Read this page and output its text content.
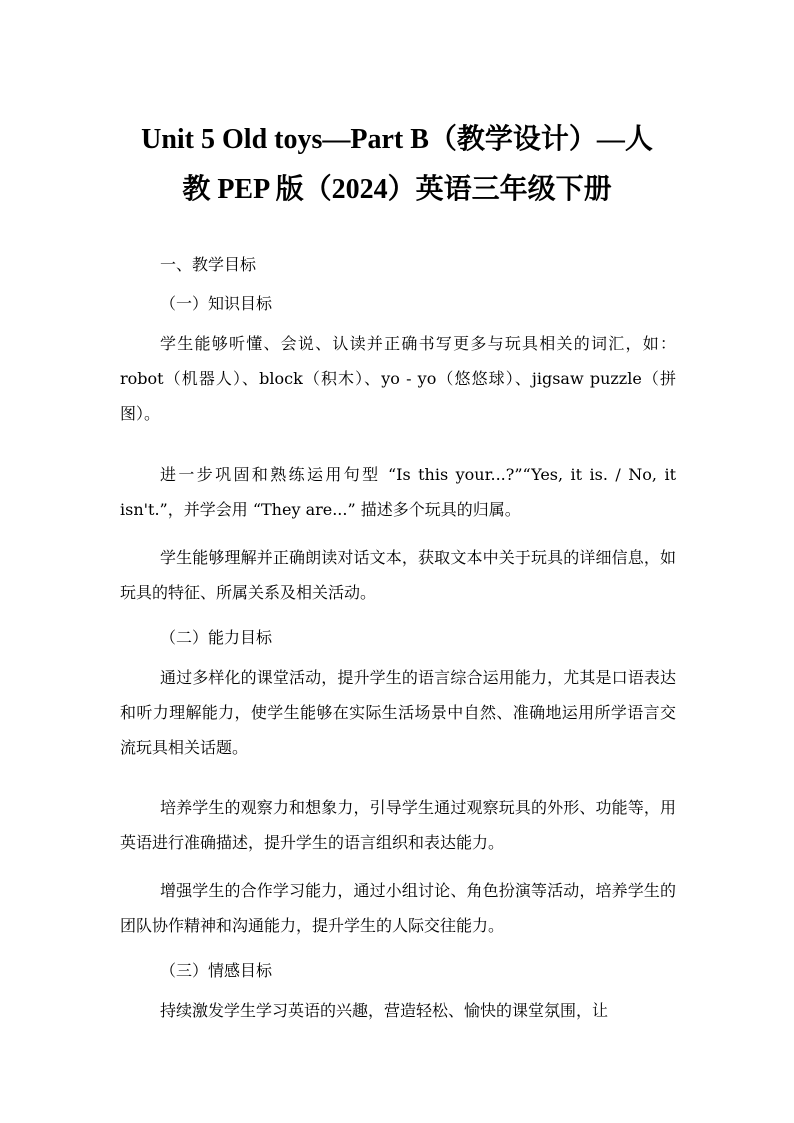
Unit 5 Old toys—Part B（教学设计）—人
教 PEP 版（2024）英语三年级下册

一、教学目标

（一）知识目标

学生能够听懂、会说、认读并正确书写更多与玩具相关的词汇，如：robot（机器人）、block（积木）、yo - yo（悠悠球）、jigsaw puzzle（拼图）。

进一步巩固和熟练运用句型 “Is this your...?”“Yes, it is. / No, it isn't.”，并学会用 “They are...” 描述多个玩具的归属。

学生能够理解并正确朗读对话文本，获取文本中关于玩具的详细信息，如玩具的特征、所属关系及相关活动。

（二）能力目标

通过多样化的课堂活动，提升学生的语言综合运用能力，尤其是口语表达和听力理解能力，使学生能够在实际生活场景中自然、准确地运用所学语言交流玩具相关话题。

培养学生的观察力和想象力，引导学生通过观察玩具的外形、功能等，用英语进行准确描述，提升学生的语言组织和表达能力。

增强学生的合作学习能力，通过小组讨论、角色扮演等活动，培养学生的团队协作精神和沟通能力，提升学生的人际交往能力。

（三）情感目标

持续激发学生学习英语的兴趣，营造轻松、愉快的课堂氛围，让
